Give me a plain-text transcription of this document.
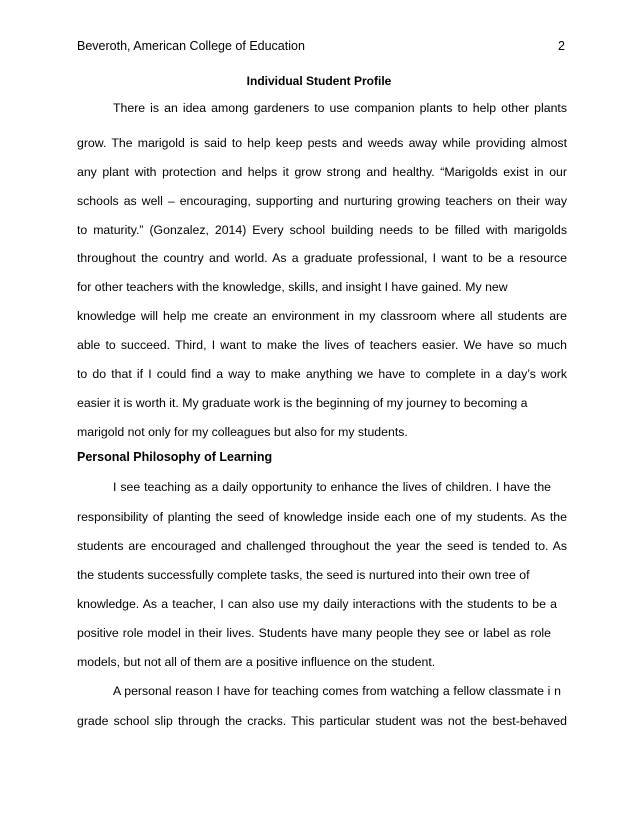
Beveroth, American College of Education	2
Individual Student Profile
There is an idea among gardeners to use companion plants to help other plants
grow. The marigold is said to help keep pests and weeds away while providing almost
any plant with protection and helps it grow strong and healthy. “Marigolds exist in our
schools as well – encouraging, supporting and nurturing growing teachers on their way
to maturity.” (Gonzalez, 2014) Every school building needs to be filled with marigolds
throughout the country and world. As a graduate professional, I want to be a resource
for other teachers with the knowledge, skills, and insight I have gained. My new
knowledge will help me create an environment in my classroom where all students are
able to succeed. Third, I want to make the lives of teachers easier. We have so much
to do that if I could find a way to make anything we have to complete in a day’s work
easier it is worth it. My graduate work is the beginning of my journey to becoming a
marigold not only for my colleagues but also for my students.
Personal Philosophy of Learning
I see teaching as a daily opportunity to enhance the lives of children. I have the
responsibility of planting the seed of knowledge inside each one of my students. As the
students are encouraged and challenged throughout the year the seed is tended to. As
the students successfully complete tasks, the seed is nurtured into their own tree of
knowledge. As a teacher, I can also use my daily interactions with the students to be a
positive role model in their lives. Students have many people they see or label as role
models, but not all of them are a positive influence on the student.
A personal reason I have for teaching comes from watching a fellow classmate i n
grade school slip through the cracks. This particular student was not the best-behaved
